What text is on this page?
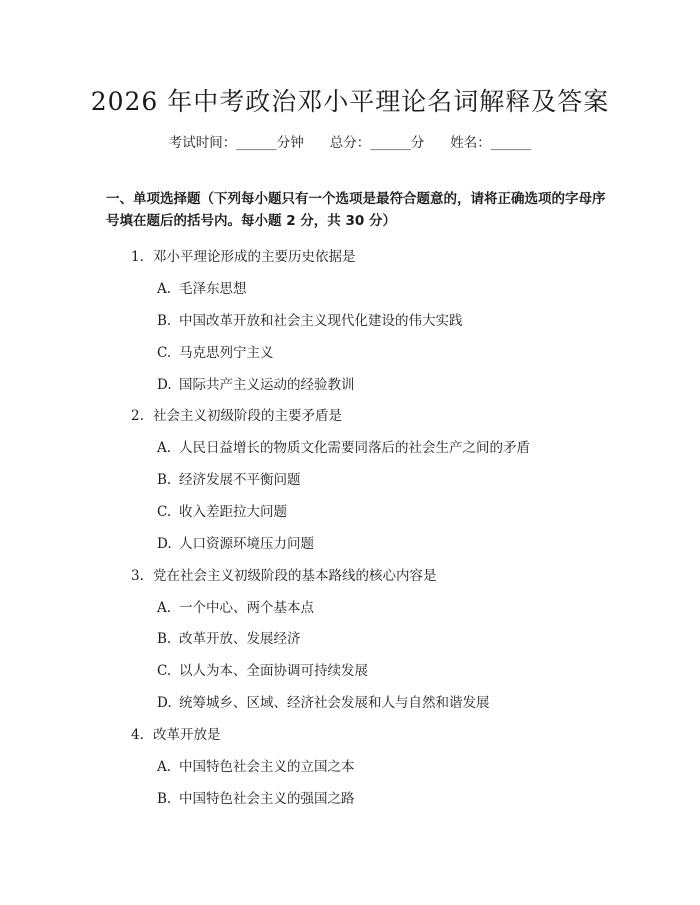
2026 年中考政治邓小平理论名词解释及答案
考试时间：______分钟 总分：______分 姓名：______
一、单项选择题（下列每小题只有一个选项是最符合题意的，请将正确选项的字母序号填在题后的括号内。每小题 2 分，共 30 分）
1. 邓小平理论形成的主要历史依据是
A. 毛泽东思想
B. 中国改革开放和社会主义现代化建设的伟大实践
C. 马克思列宁主义
D. 国际共产主义运动的经验教训
2. 社会主义初级阶段的主要矛盾是
A. 人民日益增长的物质文化需要同落后的社会生产之间的矛盾
B. 经济发展不平衡问题
C. 收入差距拉大问题
D. 人口资源环境压力问题
3. 党在社会主义初级阶段的基本路线的核心内容是
A. 一个中心、两个基本点
B. 改革开放、发展经济
C. 以人为本、全面协调可持续发展
D. 统筹城乡、区域、经济社会发展和人与自然和谐发展
4. 改革开放是
A. 中国特色社会主义的立国之本
B. 中国特色社会主义的强国之路
